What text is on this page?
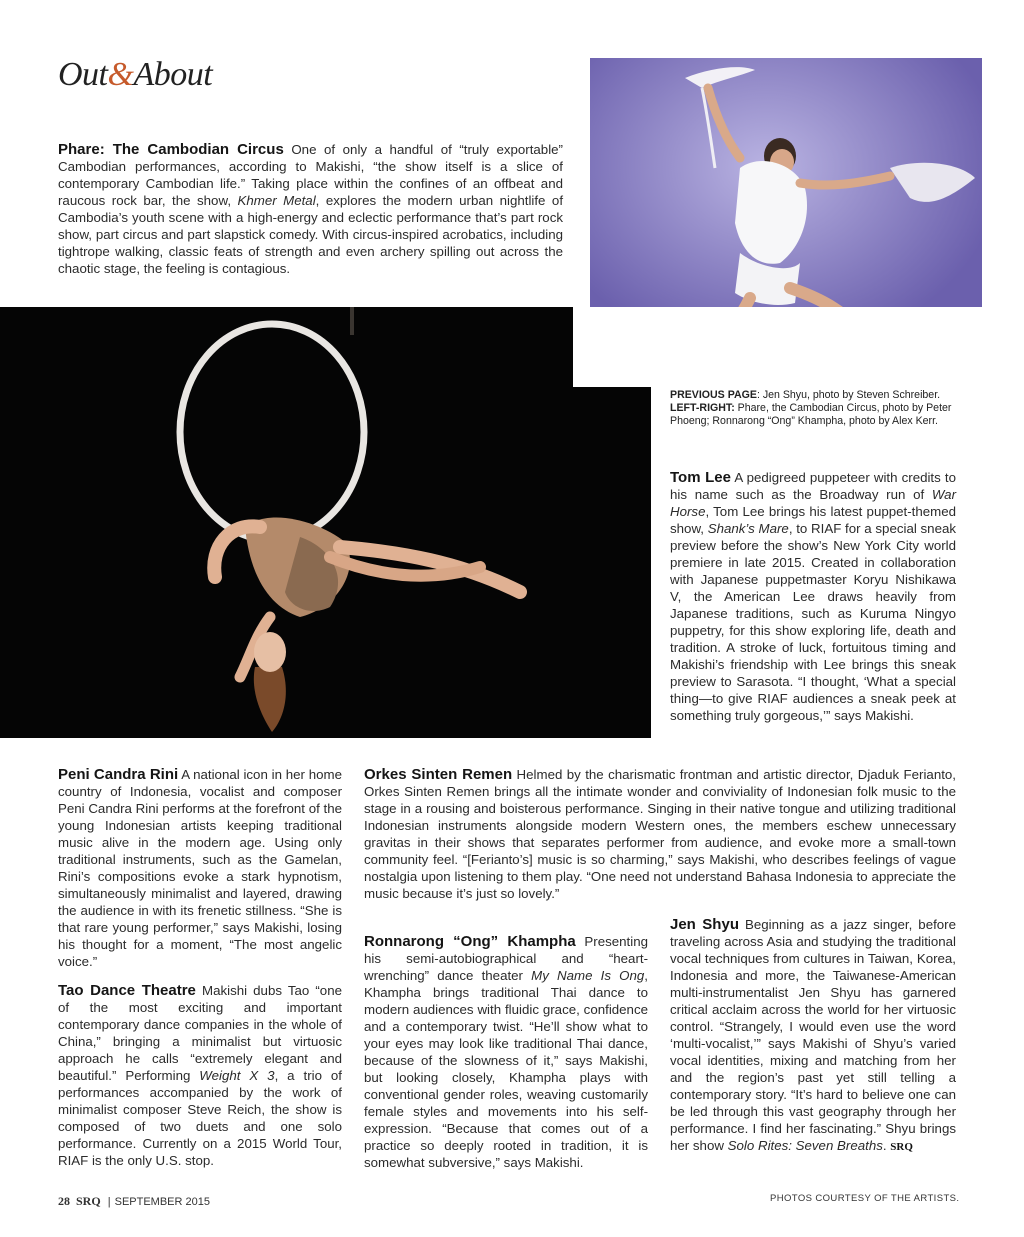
Out&About

Phare: The Cambodian Circus One of only a handful of “truly exportable” Cambodian performances, according to Makishi, “the show itself is a slice of contemporary Cambodian life.” Taking place within the confines of an offbeat and raucous rock bar, the show, Khmer Metal, explores the modern urban nightlife of Cambodia’s youth scene with a high-energy and eclectic performance that’s part rock show, part circus and part slapstick comedy. With circus-inspired acrobatics, including tightrope walking, classic feats of strength and even archery spilling out across the chaotic stage, the feeling is contagious.

PREVIOUS PAGE: Jen Shyu, photo by Steven Schreiber.
LEFT-RIGHT: Phare, the Cambodian Circus, photo by Peter Phoeng; Ronnarong “Ong” Khampha, photo by Alex Kerr.

Tom Lee A pedigreed puppeteer with credits to his name such as the Broadway run of War Horse, Tom Lee brings his latest puppet-themed show, Shank’s Mare, to RIAF for a special sneak preview before the show’s New York City world premiere in late 2015. Created in collaboration with Japanese puppetmaster Koryu Nishikawa V, the American Lee draws heavily from Japanese traditions, such as Kuruma Ningyo puppetry, for this show exploring life, death and tradition. A stroke of luck, fortuitous timing and Makishi’s friendship with Lee brings this sneak preview to Sarasota. “I thought, ‘What a special thing—to give RIAF audiences a sneak peek at something truly gorgeous,’” says Makishi.

Peni Candra Rini A national icon in her home country of Indonesia, vocalist and composer Peni Candra Rini performs at the forefront of the young Indonesian artists keeping traditional music alive in the modern age. Using only traditional instruments, such as the Gamelan, Rini’s compositions evoke a stark hypnotism, simultaneously minimalist and layered, drawing the audience in with its frenetic stillness. “She is that rare young performer,” says Makishi, losing his thought for a moment, “The most angelic voice.”

Tao Dance Theatre Makishi dubs Tao “one of the most exciting and important contemporary dance companies in the whole of China,” bringing a minimalist but virtuosic approach he calls “extremely elegant and beautiful.” Performing Weight X 3, a trio of performances accompanied by the work of minimalist composer Steve Reich, the show is composed of two duets and one solo performance. Currently on a 2015 World Tour, RIAF is the only U.S. stop.

Orkes Sinten Remen Helmed by the charismatic frontman and artistic director, Djaduk Ferianto, Orkes Sinten Remen brings all the intimate wonder and conviviality of Indonesian folk music to the stage in a rousing and boisterous performance. Singing in their native tongue and utilizing traditional Indonesian instruments alongside modern Western ones, the members eschew unnecessary gravitas in their shows that separates performer from audience, and evoke more a small-town community feel. “[Ferianto’s] music is so charming,” says Makishi, who describes feelings of vague nostalgia upon listening to them play. “One need not understand Bahasa Indonesia to appreciate the music because it’s just so lovely.”

Ronnarong “Ong” Khampha Presenting his semi-autobiographical and “heart-wrenching” dance theater My Name Is Ong, Khampha brings traditional Thai dance to modern audiences with fluidic grace, confidence and a contemporary twist. “He’ll show what to your eyes may look like traditional Thai dance, because of the slowness of it,” says Makishi, but looking closely, Khampha plays with conventional gender roles, weaving customarily female styles and movements into his self-expression. “Because that comes out of a practice so deeply rooted in tradition, it is somewhat subversive,” says Makishi.

Jen Shyu Beginning as a jazz singer, before traveling across Asia and studying the traditional vocal techniques from cultures in Taiwan, Korea, Indonesia and more, the Taiwanese-American multi-instrumentalist Jen Shyu has garnered critical acclaim across the world for her virtuosic control. “Strangely, I would even use the word ‘multi-vocalist,’” says Makishi of Shyu’s varied vocal identities, mixing and matching from her and the region’s past yet still telling a contemporary story. “It’s hard to believe one can be led through this vast geography through her performance. I find her fascinating.” Shyu brings her show Solo Rites: Seven Breaths. SRQ

28 SRQ | SEPTEMBER 2015	PHOTOS COURTESY OF THE ARTISTS.
